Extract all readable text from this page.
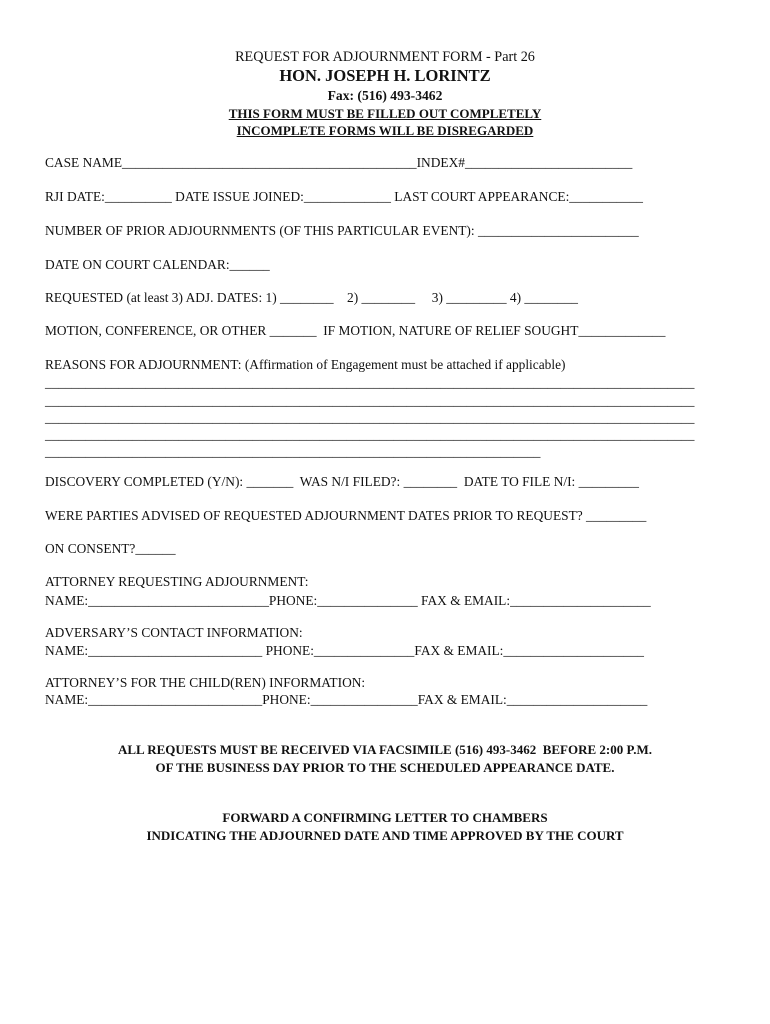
REQUEST FOR ADJOURNMENT FORM - Part 26
HON. JOSEPH H. LORINTZ
Fax: (516) 493-3462
THIS FORM MUST BE FILLED OUT COMPLETELY
INCOMPLETE FORMS WILL BE DISREGARDED
CASE NAME____________________________________________INDEX#_________________________
RJI DATE:__________ DATE ISSUE JOINED:_____________ LAST COURT APPEARANCE:___________
NUMBER OF PRIOR ADJOURNMENTS (OF THIS PARTICULAR EVENT): ________________________
DATE ON COURT CALENDAR:______
REQUESTED (at least 3) ADJ. DATES: 1) ________    2) ________     3) _________ 4) ________
MOTION, CONFERENCE, OR OTHER _______  IF MOTION, NATURE OF RELIEF SOUGHT_____________
REASONS FOR ADJOURNMENT: (Affirmation of Engagement must be attached if applicable)
_________________________________________________________________________________________________
_________________________________________________________________________________________________
_________________________________________________________________________________________________
_________________________________________________________________________________________________
__________________________________________________________________________
DISCOVERY COMPLETED (Y/N): _______  WAS N/I FILED?: ________  DATE TO FILE N/I: _________
WERE PARTIES ADVISED OF REQUESTED ADJOURNMENT DATES PRIOR TO REQUEST? _________
ON CONSENT?______
ATTORNEY REQUESTING ADJOURNMENT:
NAME:___________________________PHONE:_______________ FAX & EMAIL:_____________________
ADVERSARY’S CONTACT INFORMATION:
NAME:__________________________ PHONE:_______________FAX & EMAIL:_____________________
ATTORNEY’S FOR THE CHILD(REN) INFORMATION:
NAME:__________________________PHONE:________________FAX & EMAIL:_____________________
ALL REQUESTS MUST BE RECEIVED VIA FACSIMILE (516) 493-3462  BEFORE 2:00 P.M.
OF THE BUSINESS DAY PRIOR TO THE SCHEDULED APPEARANCE DATE.
FORWARD A CONFIRMING LETTER TO CHAMBERS
INDICATING THE ADJOURNED DATE AND TIME APPROVED BY THE COURT
